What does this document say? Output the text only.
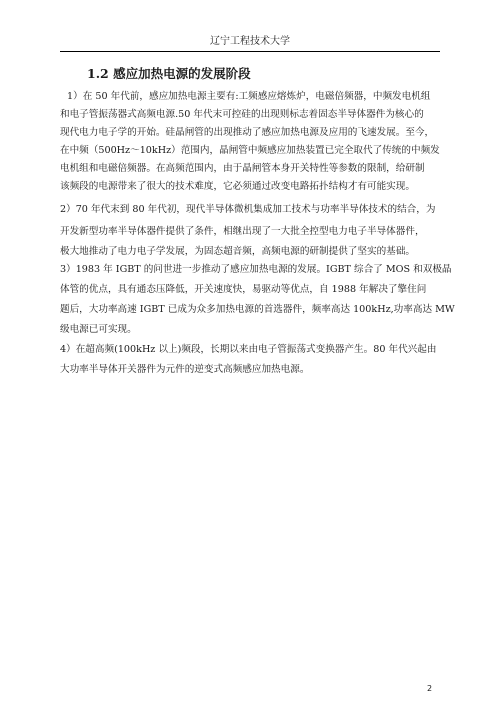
辽宁工程技术大学
1.2 感应加热电源的发展阶段
1）在 50 年代前，感应加热电源主要有:工频感应熔炼炉，电磁倍频器，中频发电机组
和电子管振荡器式高频电源.50 年代末可控硅的出现则标志着固态半导体器件为核心的
现代电力电子学的开始。硅晶闸管的出现推动了感应加热电源及应用的飞速发展。至今，
在中频（500Hz～10kHz）范围内，晶闸管中频感应加热装置已完全取代了传统的中频发
电机组和电磁倍频器。在高频范围内，由于晶闸管本身开关特性等参数的限制，给研制
该频段的电源带来了很大的技术难度，它必须通过改变电路拓扑结构才有可能实现。
2）70 年代末到 80 年代初，现代半导体微机集成加工技术与功率半导体技术的结合，为
开发新型功率半导体器件提供了条件，相继出现了一大批全控型电力电子半导体器件，
极大地推动了电力电子学发展，为固态超音频，高频电源的研制提供了坚实的基础。
3）1983 年 IGBT 的问世进一步推动了感应加热电源的发展。IGBT 综合了 MOS 和双极晶
体管的优点，具有通态压降低，开关速度快，易驱动等优点，自 1988 年解决了擎住问
题后，大功率高速 IGBT 已成为众多加热电源的首选器件，频率高达 100kHz,功率高达 MW
级电源已可实现。
4）在超高频(100kHz 以上)频段，长期以来由电子管振荡式变换器产生。80 年代兴起由
大功率半导体开关器件为元件的逆变式高频感应加热电源。
2
